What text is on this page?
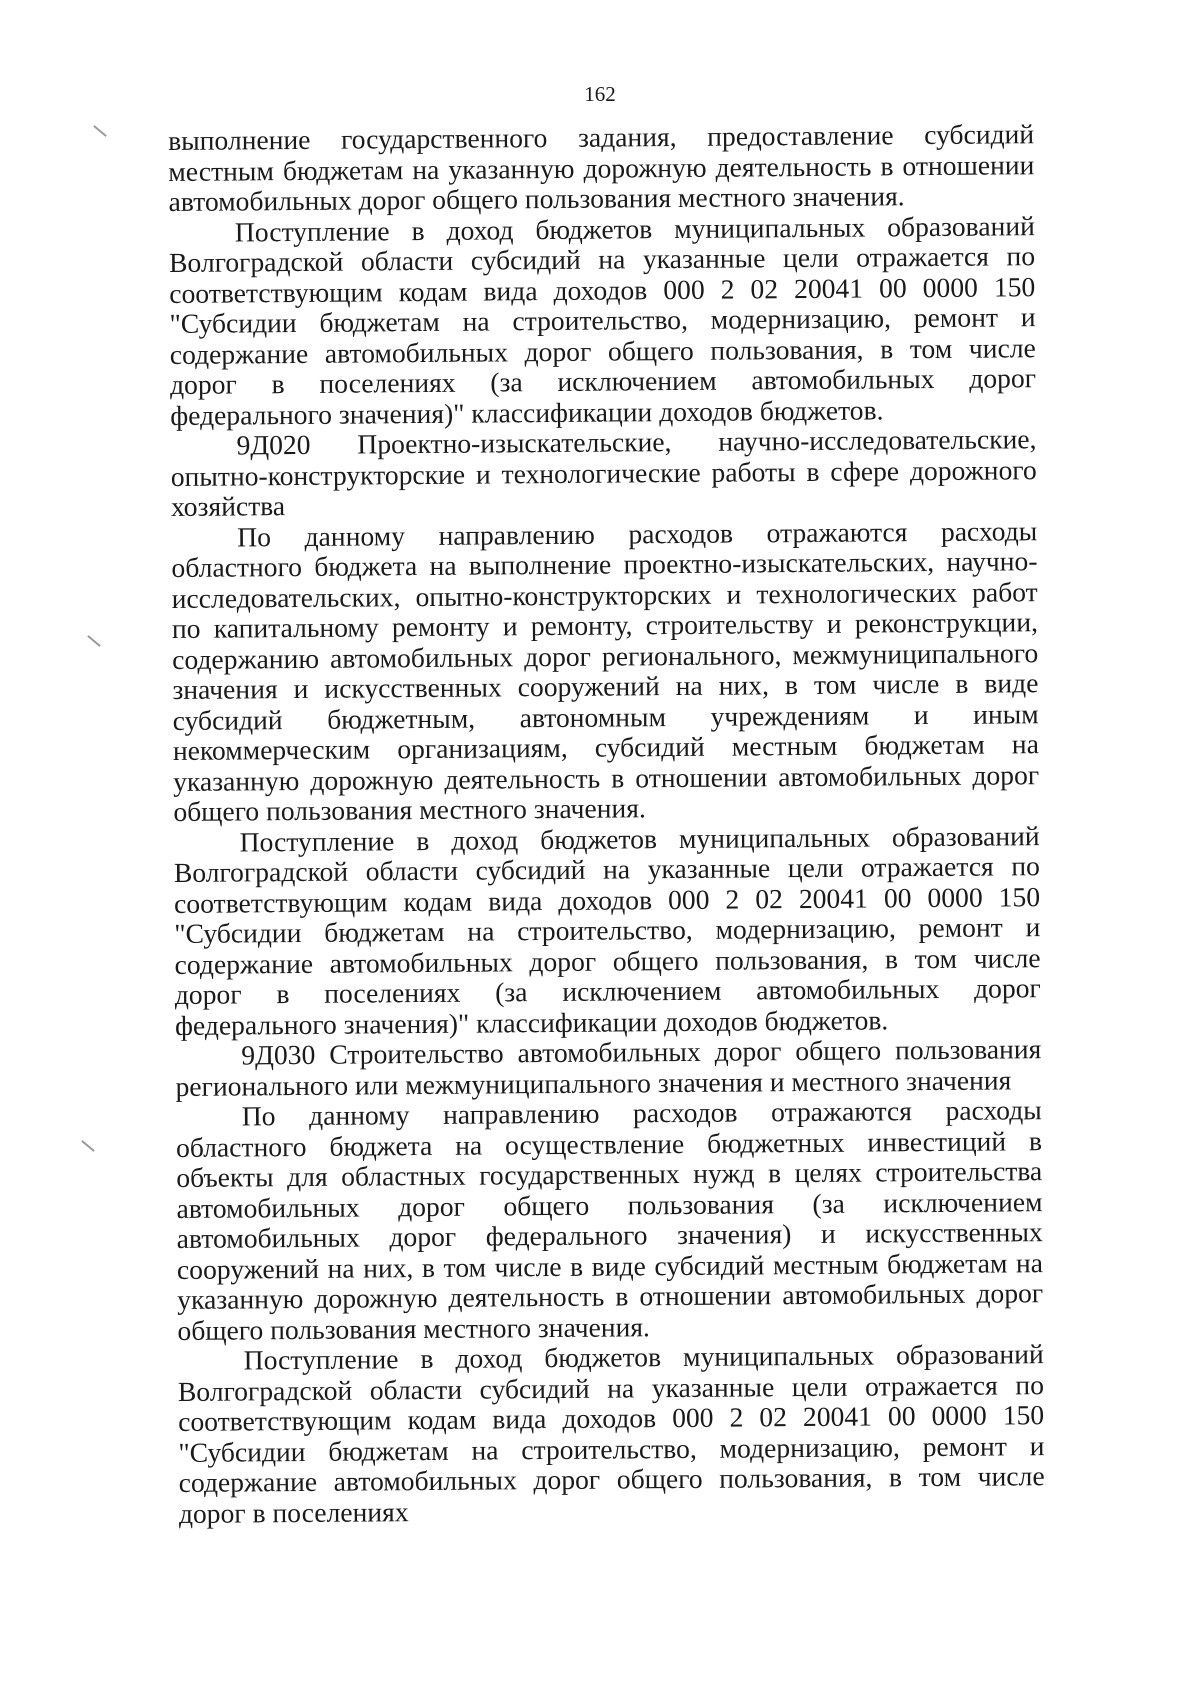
162

выполнение государственного задания, предоставление субсидий местным бюджетам на указанную дорожную деятельность в отношении автомобильных дорог общего пользования местного значения.

Поступление в доход бюджетов муниципальных образований Волгоградской области субсидий на указанные цели отражается по соответствующим кодам вида доходов 000 2 02 20041 00 0000 150 "Субсидии бюджетам на строительство, модернизацию, ремонт и содержание автомобильных дорог общего пользования, в том числе дорог в поселениях (за исключением автомобильных дорог федерального значения)" классификации доходов бюджетов.

9Д020 Проектно-изыскательские, научно-исследовательские, опытно-конструкторские и технологические работы в сфере дорожного хозяйства

По данному направлению расходов отражаются расходы областного бюджета на выполнение проектно-изыскательских, научно-исследовательских, опытно-конструкторских и технологических работ по капитальному ремонту и ремонту, строительству и реконструкции, содержанию автомобильных дорог регионального, межмуниципального значения и искусственных сооружений на них, в том числе в виде субсидий бюджетным, автономным учреждениям и иным некоммерческим организациям, субсидий местным бюджетам на указанную дорожную деятельность в отношении автомобильных дорог общего пользования местного значения.

Поступление в доход бюджетов муниципальных образований Волгоградской области субсидий на указанные цели отражается по соответствующим кодам вида доходов 000 2 02 20041 00 0000 150 "Субсидии бюджетам на строительство, модернизацию, ремонт и содержание автомобильных дорог общего пользования, в том числе дорог в поселениях (за исключением автомобильных дорог федерального значения)" классификации доходов бюджетов.

9Д030 Строительство автомобильных дорог общего пользования регионального или межмуниципального значения и местного значения

По данному направлению расходов отражаются расходы областного бюджета на осуществление бюджетных инвестиций в объекты для областных государственных нужд в целях строительства автомобильных дорог общего пользования (за исключением автомобильных дорог федерального значения) и искусственных сооружений на них, в том числе в виде субсидий местным бюджетам на указанную дорожную деятельность в отношении автомобильных дорог общего пользования местного значения.

Поступление в доход бюджетов муниципальных образований Волгоградской области субсидий на указанные цели отражается по соответствующим кодам вида доходов 000 2 02 20041 00 0000 150 "Субсидии бюджетам на строительство, модернизацию, ремонт и содержание автомобильных дорог общего пользования, в том числе дорог в поселениях
